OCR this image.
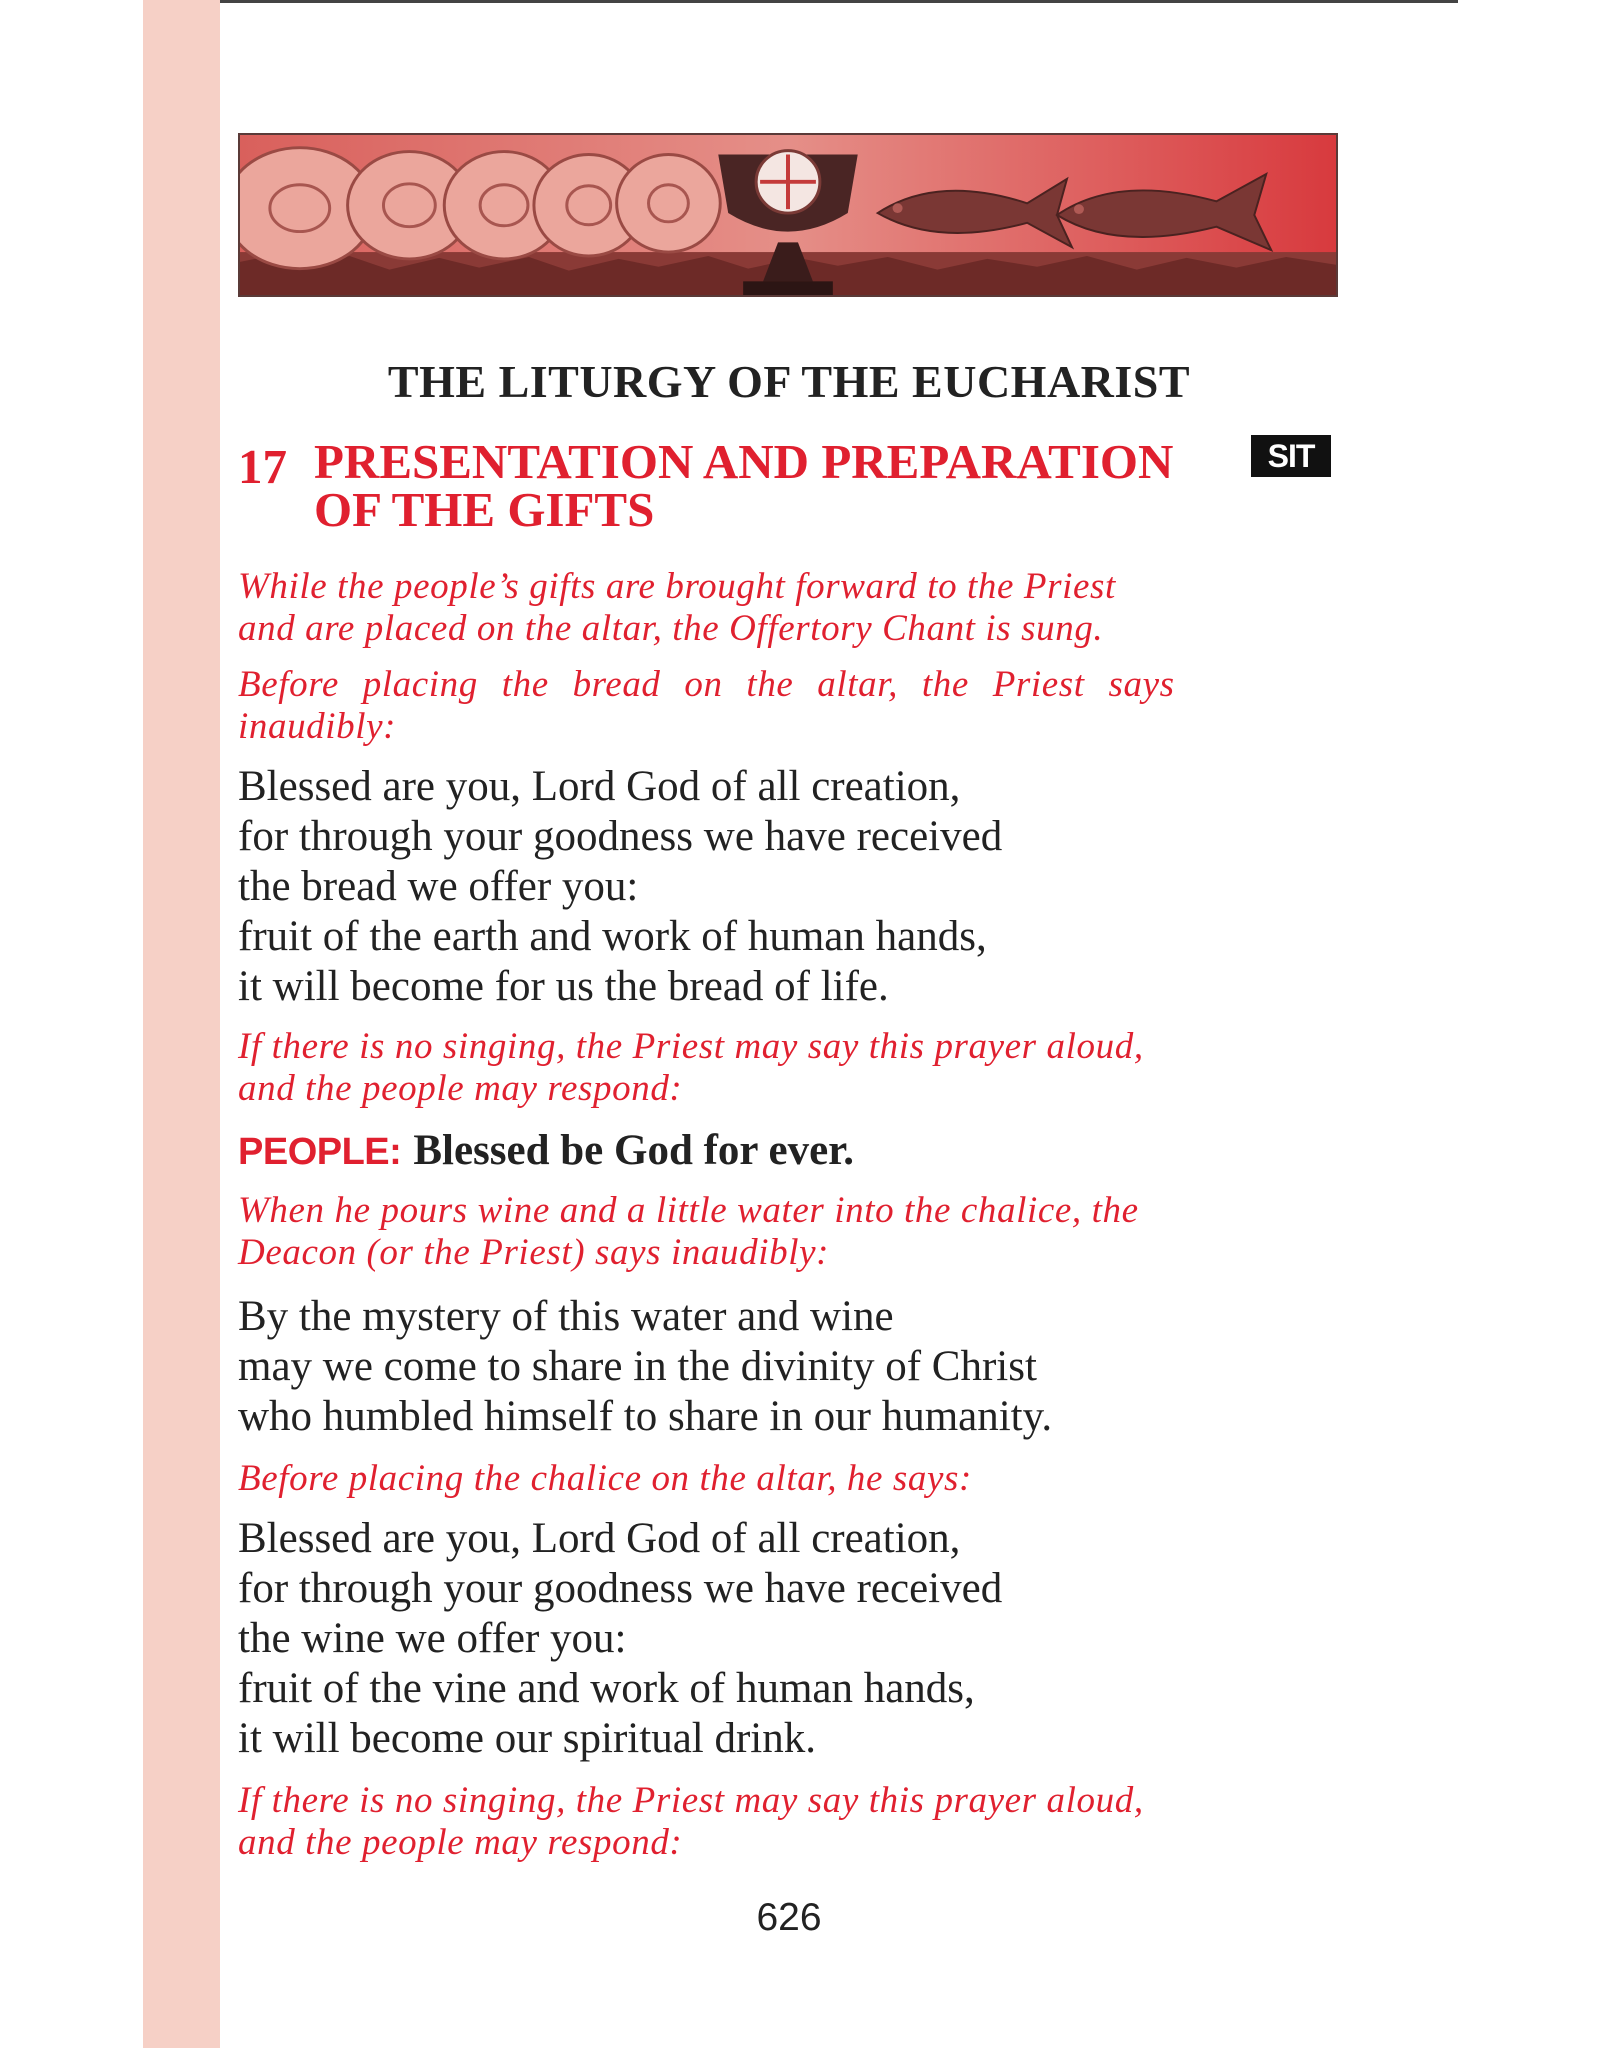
THE LITURGY OF THE EUCHARIST
17 PRESENTATION AND PREPARATION
OF THE GIFTS
SIT
While the people’s gifts are brought forward to the Priest
and are placed on the altar, the Offertory Chant is sung.
Before placing the bread on the altar, the Priest says
inaudibly:
Blessed are you, Lord God of all creation,
for through your goodness we have received
the bread we offer you:
fruit of the earth and work of human hands,
it will become for us the bread of life.
If there is no singing, the Priest may say this prayer aloud,
and the people may respond:
PEOPLE: Blessed be God for ever.
When he pours wine and a little water into the chalice, the
Deacon (or the Priest) says inaudibly:
By the mystery of this water and wine
may we come to share in the divinity of Christ
who humbled himself to share in our humanity.
Before placing the chalice on the altar, he says:
Blessed are you, Lord God of all creation,
for through your goodness we have received
the wine we offer you:
fruit of the vine and work of human hands,
it will become our spiritual drink.
If there is no singing, the Priest may say this prayer aloud,
and the people may respond:
626
